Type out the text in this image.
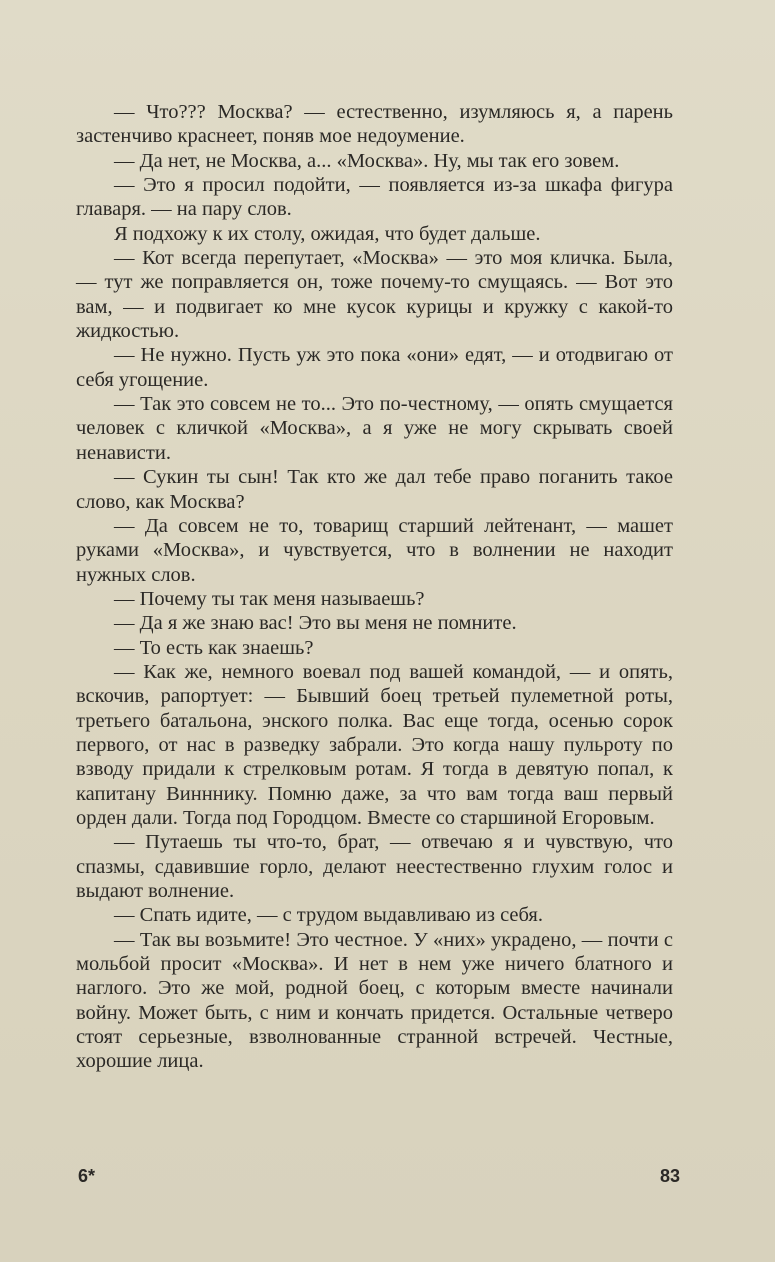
— Что??? Москва? — естественно, изумляюсь я, а парень застенчиво краснеет, поняв мое недоумение.

— Да нет, не Москва, а... «Москва». Ну, мы так его зовем.

— Это я просил подойти, — появляется из-за шкафа фигура главаря. — на пару слов.

Я подхожу к их столу, ожидая, что будет дальше.

— Кот всегда перепутает, «Москва» — это моя кличка. Была, — тут же поправляется он, тоже почему-то смущаясь. — Вот это вам, — и подвигает ко мне кусок курицы и кружку с какой-то жидкостью.

— Не нужно. Пусть уж это пока «они» едят, — и отодвигаю от себя угощение.

— Так это совсем не то... Это по-честному, — опять смущается человек с кличкой «Москва», а я уже не могу скрывать своей ненависти.

— Сукин ты сын! Так кто же дал тебе право поганить такое слово, как Москва?

— Да совсем не то, товарищ старший лейтенант, — машет руками «Москва», и чувствуется, что в волнении не находит нужных слов.

— Почему ты так меня называешь?

— Да я же знаю вас! Это вы меня не помните.

— То есть как знаешь?

— Как же, немного воевал под вашей командой, — и опять, вскочив, рапортует: — Бывший боец третьей пулеметной роты, третьего батальона, энского полка. Вас еще тогда, осенью сорок первого, от нас в разведку забрали. Это когда нашу пульроту по взводу придали к стрелковым ротам. Я тогда в девятую попал, к капитану Винннику. Помню даже, за что вам тогда ваш первый орден дали. Тогда под Городцом. Вместе со старшиной Егоровым.

— Путаешь ты что-то, брат, — отвечаю я и чувствую, что спазмы, сдавившие горло, делают неестественно глухим голос и выдают волнение.

— Спать идите, — с трудом выдавливаю из себя.

— Так вы возьмите! Это честное. У «них» украдено, — почти с мольбой просит «Москва». И нет в нем уже ничего блатного и наглого. Это же мой, родной боец, с которым вместе начинали войну. Может быть, с ним и кончать придется. Остальные четверо стоят серьезные, взволнованные странной встречей. Честные, хорошие лица.

6*	83
